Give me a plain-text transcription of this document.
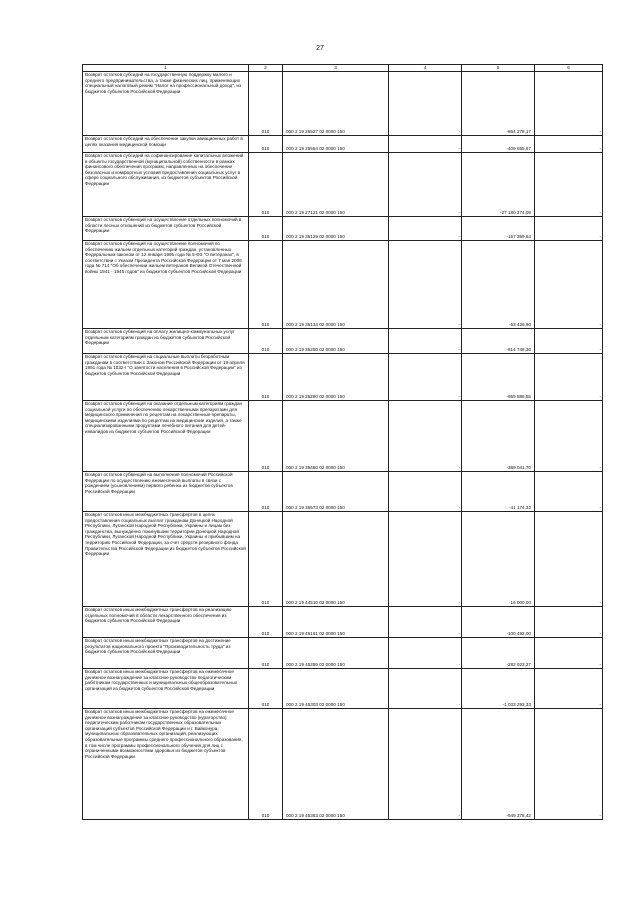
27
1	2	3	4	5	6
Возврат остатков субсидий на государственную поддержку малого и среднего предпринимательства, а также физических лиц, применяющих специальный налоговый режим "Налог на профессиональный доход", из бюджетов субъектов Российской Федерации	010	000 2 19 25527 02 0000 150	-	-864 278,17	-
Возврат остатков субсидий на обеспечение закупки авиационных работ в целях оказания медицинской помощи	010	000 2 19 25554 02 0000 150	-	-409 655,67	-
Возврат остатков субсидий на софинансирование капитальных вложений в объекты государственной (муниципальной) собственности в рамках финансового обеспечения программ, направленных на обеспечение безопасных и комфортных условий предоставления социальных услуг в сфере социального обслуживания, из бюджетов субъектов Российской Федерации	010	000 2 19 27121 02 0000 150	-	-27 180 374,09	-
Возврат остатков субвенций на осуществление отдельных полномочий в области лесных отношений из бюджетов субъектов Российской Федерации	010	000 2 19 35129 02 0000 150	-	-157 359,64	-
Возврат остатков субвенций на осуществление полномочий по обеспечению жильем отдельных категорий граждан, установленных Федеральным законом от 12 января 1995 года № 5-ФЗ "О ветеранах", в соответствии с Указом Президента Российской Федерации от 7 мая 2008 года № 714 "Об обеспечении жильем ветеранов Великой Отечественной войны 1941 - 1945 годов" из бюджетов субъектов Российской Федерации	010	000 2 19 35134 02 0000 150	-	-53 426,90	-
Возврат остатков субвенций на оплату жилищно-коммунальных услуг отдельным категориям граждан из бюджетов субъектов Российской Федерации	010	000 2 19 35250 02 0000 150	-	-814 748,36	-
Возврат остатков субвенций на социальные выплаты безработным гражданам в соответствии с Законом Российской Федерации от 19 апреля 1991 года № 1032-I "О занятости населения в Российской Федерации" из бюджетов субъектов Российской Федерации	010	000 2 19 35290 02 0000 150	-	-959 886,55	-
Возврат остатков субвенций на оказание отдельным категориям граждан социальной услуги по обеспечению лекарственными препаратами для медицинского применения по рецептам на лекарственные препараты, медицинскими изделиями по рецептам на медицинские изделия, а также специализированными продуктами лечебного питания для детей-инвалидов из бюджетов субъектов Российской Федерации	010	000 2 19 35460 02 0000 150	-	-389 041,70	-
Возврат остатков субвенций на выполнение полномочий Российской Федерации по осуществлению ежемесячной выплаты в связи с рождением (усыновлением) первого ребенка из бюджетов субъектов Российской Федерации	010	000 2 19 35573 02 0000 150	-	-41 174,32	-
Возврат остатков иных межбюджетных трансфертов в целях предоставления социальных выплат гражданам Донецкой Народной Республики, Луганской Народной Республики, Украины и лицам без гражданства, вынужденно покинувшим территории Донецкой Народной Республики, Луганской Народной Республики, Украины и прибывшим на территорию Российской Федерации, за счет средств резервного фонда Правительства Российской Федерации из бюджетов субъектов Российской Федерации	010	000 2 19 44510 02 0000 150	-	-16 000,00	-
Возврат остатков иных межбюджетных трансфертов на реализацию отдельных полномочий в области лекарственного обеспечения из бюджетов субъектов Российской Федерации	010	000 2 19 45161 02 0000 150	-	-100 492,00	-
Возврат остатков иных межбюджетных трансфертов на достижение результатов национального проекта "Производительность труда" из бюджетов субъектов Российской Федерации	010	000 2 19 45289 02 0000 150	-	-282 923,37	-
Возврат остатков иных межбюджетных трансфертов на ежемесячное денежное вознаграждение за классное руководство педагогическим работникам государственных и муниципальных общеобразовательных организаций из бюджетов субъектов Российской Федерации	010	000 2 19 45303 02 0000 150	-	-1 033 293,33	-
Возврат остатков иных межбюджетных трансфертов на ежемесячное денежное вознаграждение за классное руководство (кураторство) педагогическим работникам государственных образовательных организаций субъектов Российской Федерации и г. Байконура, муниципальных образовательных организаций, реализующих образовательные программы среднего профессионального образования, в том числе программы профессионального обучения для лиц с ограниченными возможностями здоровья из бюджетов субъектов Российской Федерации	010	000 2 19 45363 02 0000 150	-	-949 378,42	-
